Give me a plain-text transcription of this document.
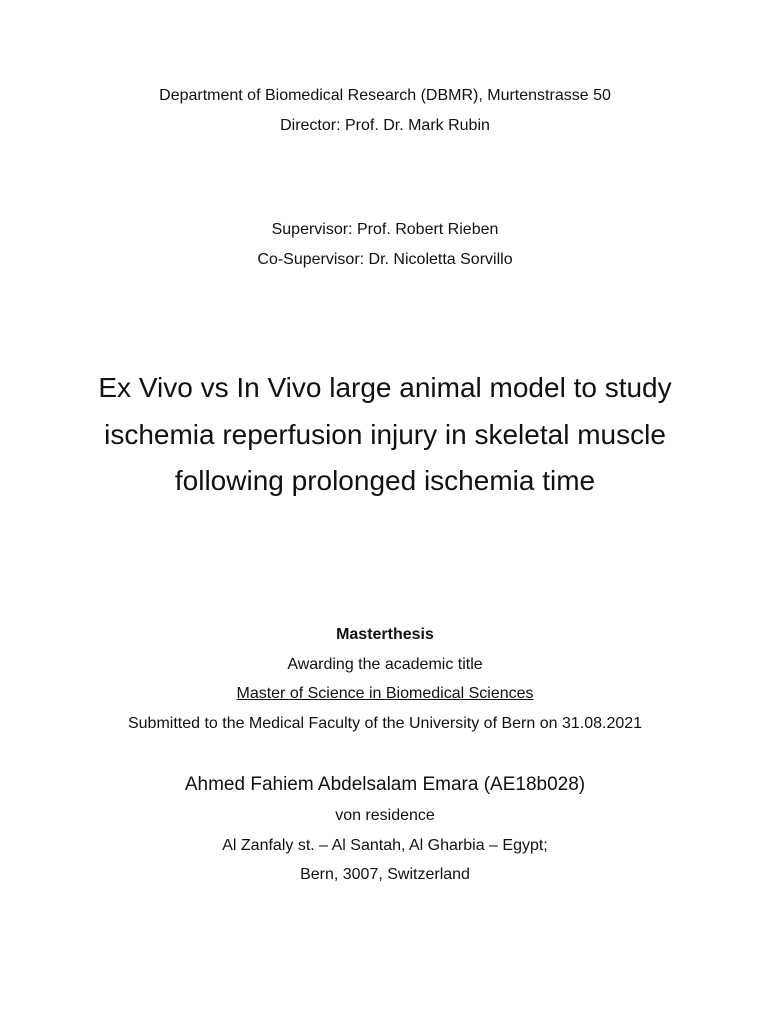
Department of Biomedical Research (DBMR), Murtenstrasse 50
Director: Prof. Dr. Mark Rubin
Supervisor: Prof. Robert Rieben
Co-Supervisor: Dr. Nicoletta Sorvillo
Ex Vivo vs In Vivo large animal model to study
ischemia reperfusion injury in skeletal muscle
following prolonged ischemia time
Masterthesis
Awarding the academic title
Master of Science in Biomedical Sciences
Submitted to the Medical Faculty of the University of Bern on 31.08.2021
Ahmed Fahiem Abdelsalam Emara (AE18b028)
von residence
Al Zanfaly st. – Al Santah, Al Gharbia – Egypt;
Bern, 3007, Switzerland
